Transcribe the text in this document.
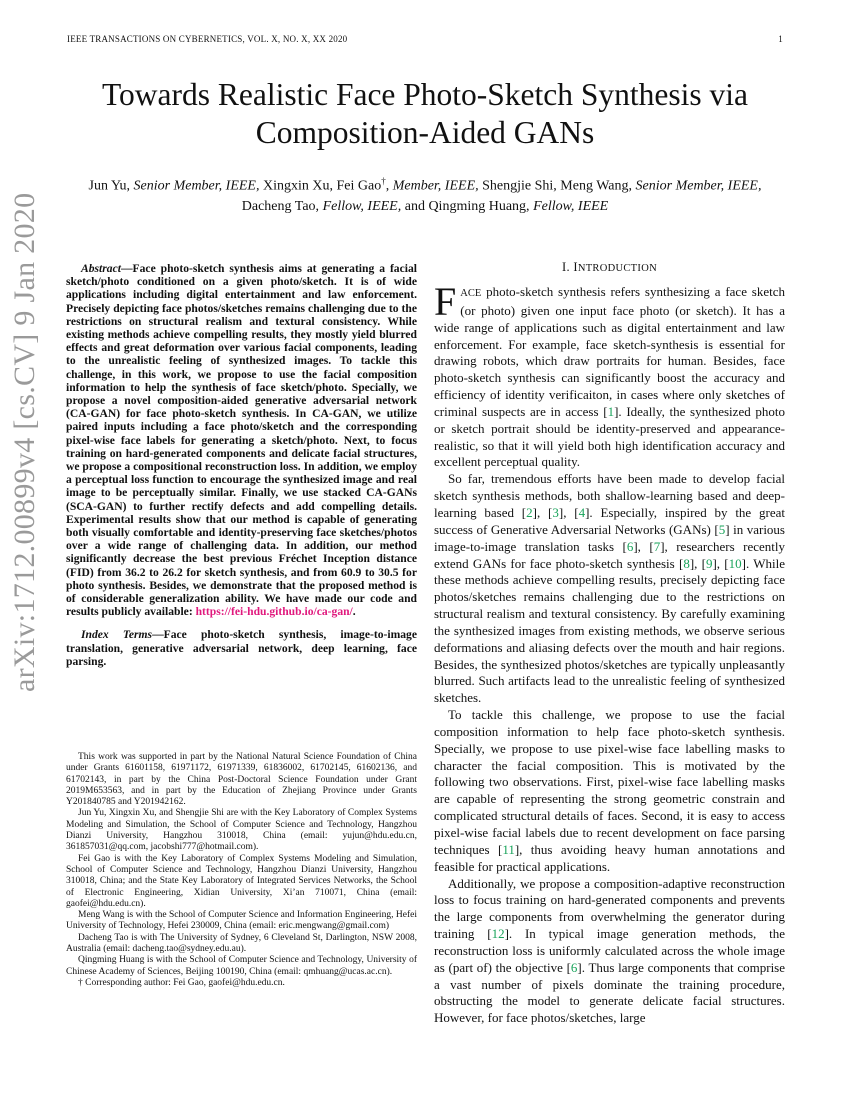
IEEE TRANSACTIONS ON CYBERNETICS, VOL. X, NO. X, XX 2020	1
arXiv:1712.00899v4 [cs.CV] 9 Jan 2020
Towards Realistic Face Photo-Sketch Synthesis via Composition-Aided GANs
Jun Yu, Senior Member, IEEE, Xingxin Xu, Fei Gao†, Member, IEEE, Shengjie Shi, Meng Wang, Senior Member, IEEE, Dacheng Tao, Fellow, IEEE, and Qingming Huang, Fellow, IEEE

Abstract—Face photo-sketch synthesis aims at generating a facial sketch/photo conditioned on a given photo/sketch. It is of wide applications including digital entertainment and law enforcement. Precisely depicting face photos/sketches remains challenging due to the restrictions on structural realism and textural consistency. While existing methods achieve compelling results, they mostly yield blurred effects and great deformation over various facial components, leading to the unrealistic feeling of synthesized images. To tackle this challenge, in this work, we propose to use the facial composition information to help the synthesis of face sketch/photo. Specially, we propose a novel composition-aided generative adversarial network (CA-GAN) for face photo-sketch synthesis. In CA-GAN, we utilize paired inputs including a face photo/sketch and the corresponding pixel-wise face labels for generating a sketch/photo. Next, to focus training on hard-generated components and delicate facial structures, we propose a compositional reconstruction loss. In addition, we employ a perceptual loss function to encourage the synthesized image and real image to be perceptually similar. Finally, we use stacked CA-GANs (SCA-GAN) to further rectify defects and add compelling details. Experimental results show that our method is capable of generating both visually comfortable and identity-preserving face sketches/photos over a wide range of challenging data. In addition, our method significantly decrease the best previous Fréchet Inception distance (FID) from 36.2 to 26.2 for sketch synthesis, and from 60.9 to 30.5 for photo synthesis. Besides, we demonstrate that the proposed method is of considerable generalization ability. We have made our code and results publicly available: https://fei-hdu.github.io/ca-gan/.

Index Terms—Face photo-sketch synthesis, image-to-image translation, generative adversarial network, deep learning, face parsing.

This work was supported in part by the National Natural Science Foundation of China under Grants 61601158, 61971172, 61971339, 61836002, 61702145, 61602136, and 61702143, in part by the China Post-Doctoral Science Foundation under Grant 2019M653563, and in part by the Education of Zhejiang Province under Grants Y201840785 and Y201942162.

Jun Yu, Xingxin Xu, and Shengjie Shi are with the Key Laboratory of Complex Systems Modeling and Simulation, the School of Computer Science and Technology, Hangzhou Dianzi University, Hangzhou 310018, China (email: yujun@hdu.edu.cn, 361857031@qq.com, jacobshi777@hotmail.com).

Fei Gao is with the Key Laboratory of Complex Systems Modeling and Simulation, School of Computer Science and Technology, Hangzhou Dianzi University, Hangzhou 310018, China; and the State Key Laboratory of Integrated Services Networks, the School of Electronic Engineering, Xidian University, Xi’an 710071, China (email: gaofei@hdu.edu.cn).

Meng Wang is with the School of Computer Science and Information Engineering, Hefei University of Technology, Hefei 230009, China (email: eric.mengwang@gmail.com)

Dacheng Tao is with The University of Sydney, 6 Cleveland St, Darlington, NSW 2008, Australia (email: dacheng.tao@sydney.edu.au).

Qingming Huang is with the School of Computer Science and Technology, University of Chinese Academy of Sciences, Beijing 100190, China (email: qmhuang@ucas.ac.cn).

† Corresponding author: Fei Gao, gaofei@hdu.edu.cn.

I. INTRODUCTION

FACE photo-sketch synthesis refers synthesizing a face sketch (or photo) given one input face photo (or sketch). It has a wide range of applications such as digital entertainment and law enforcement. For example, face sketch-synthesis is essential for drawing robots, which draw portraits for human. Besides, face photo-sketch synthesis can significantly boost the accuracy and efficiency of identity verificaiton, in cases where only sketches of criminal suspects are in access [1]. Ideally, the synthesized photo or sketch portrait should be identity-preserved and appearance-realistic, so that it will yield both high identification accuracy and excellent perceptual quality.

So far, tremendous efforts have been made to develop facial sketch synthesis methods, both shallow-learning based and deep-learning based [2], [3], [4]. Especially, inspired by the great success of Generative Adversarial Networks (GANs) [5] in various image-to-image translation tasks [6], [7], researchers recently extend GANs for face photo-sketch synthesis [8], [9], [10]. While these methods achieve compelling results, precisely depicting face photos/sketches remains challenging due to the restrictions on structural realism and textural consistency. By carefully examining the synthesized images from existing methods, we observe serious deformations and aliasing defects over the mouth and hair regions. Besides, the synthesized photos/sketches are typically unpleasantly blurred. Such artifacts lead to the unrealistic feeling of synthesized sketches.

To tackle this challenge, we propose to use the facial composition information to help face photo-sketch synthesis. Specially, we propose to use pixel-wise face labelling masks to character the facial composition. This is motivated by the following two observations. First, pixel-wise face labelling masks are capable of representing the strong geometric constrain and complicated structural details of faces. Second, it is easy to access pixel-wise facial labels due to recent development on face parsing techniques [11], thus avoiding heavy human annotations and feasible for practical applications.

Additionally, we propose a composition-adaptive reconstruction loss to focus training on hard-generated components and prevents the large components from overwhelming the generator during training [12]. In typical image generation methods, the reconstruction loss is uniformly calculated across the whole image as (part of) the objective [6]. Thus large components that comprise a vast number of pixels dominate the training procedure, obstructing the model to generate delicate facial structures. However, for face photos/sketches, large
